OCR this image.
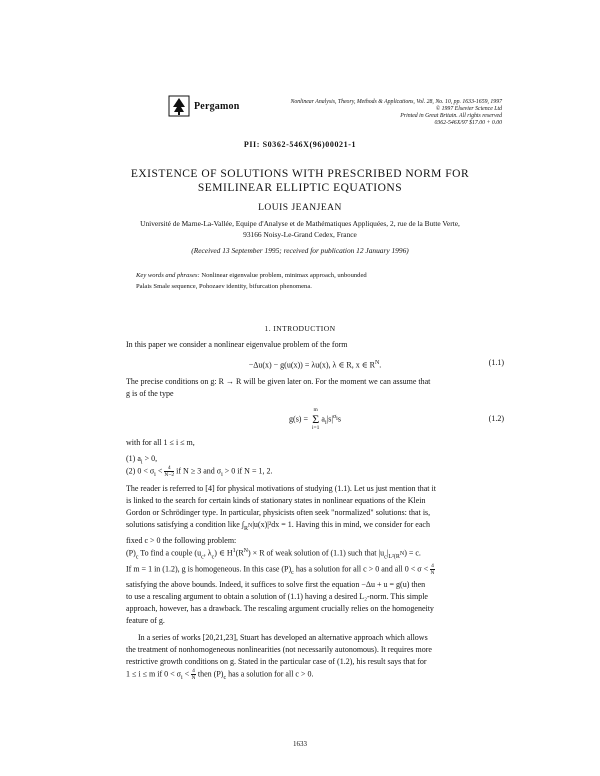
Pergamon	Nonlinear Analysis, Theory, Methods & Applications, Vol. 28, No. 10, pp. 1633-1659, 1997
© 1997 Elsevier Science Ltd
Printed in Great Britain. All rights reserved
0362-546X/97 $17.00 + 0.00
PII: S0362-546X(96)00021-1
EXISTENCE OF SOLUTIONS WITH PRESCRIBED NORM FOR
SEMILINEAR ELLIPTIC EQUATIONS
LOUIS JEANJEAN
Université de Marne-La-Vallée, Equipe d'Analyse et de Mathématiques Appliquées, 2, rue de la Butte Verte,
93166 Noisy-Le-Grand Cedex, France
(Received 13 September 1995; received for publication 12 January 1996)
Key words and phrases: Nonlinear eigenvalue problem, minimax approach, unbounded
Palais Smale sequence, Pohozaev identity, bifurcation phenomena.
1. INTRODUCTION
In this paper we consider a nonlinear eigenvalue problem of the form
−Δu(x) − g(u(x)) = λu(x), λ ∈ R, x ∈ $R^N$.	(1.1)
The precise conditions on g: R → R will be given later on. For the moment we can assume that
g is of the type
g(s) =
m
Σ
i=1
$a_i|s|^{\sigma_i}s$	(1.2)
with for all 1 ≤ i ≤ m,
(1) $a_i > 0$,
(2) $0 < \sigma_i < \frac{4}{N-2}$ if N ≥ 3 and $\sigma_i > 0$ if N = 1, 2.
The reader is referred to [4] for physical motivations of studying (1.1). Let us just mention that it
is linked to the search for certain kinds of stationary states in nonlinear equations of the Klein
Gordon or Schrödinger type. In particular, physicists often seek "normalized" solutions: that is,
solutions satisfying a condition like $\int_{R^N}|u(x)|^2dx = 1$. Having this in mind, we consider for each
fixed c > 0 the following problem:
$(P)_c$ To find a couple ($u_c$, $\lambda_c$) ∈ $H^1(R^N) \times R$ of weak solution of (1.1) such that $|u_c|_{L^2(R^N}) = c$.
If m = 1 in (1.2), g is homogeneous. In this case $(P)_c$ has a solution for all c > 0 and all $0 < \sigma < \frac{4}{N}$
satisfying the above bounds. Indeed, it suffices to solve first the equation −Δu + u = g(u) then
to use a rescaling argument to obtain a solution of (1.1) having a desired L₂-norm. This simple
approach, however, has a drawback. The rescaling argument crucially relies on the homogeneity
feature of g.
In a series of works [20,21,23], Stuart has developed an alternative approach which allows
the treatment of nonhomogeneous nonlinearities (not necessarily autonomous). It requires more
restrictive growth conditions on g. Stated in the particular case of (1.2), his result says that for
1 ≤ i ≤ m if $0 < \sigma_i < \frac{4}{N}$ then $(P)_c$ has a solution for all c > 0.
1633
